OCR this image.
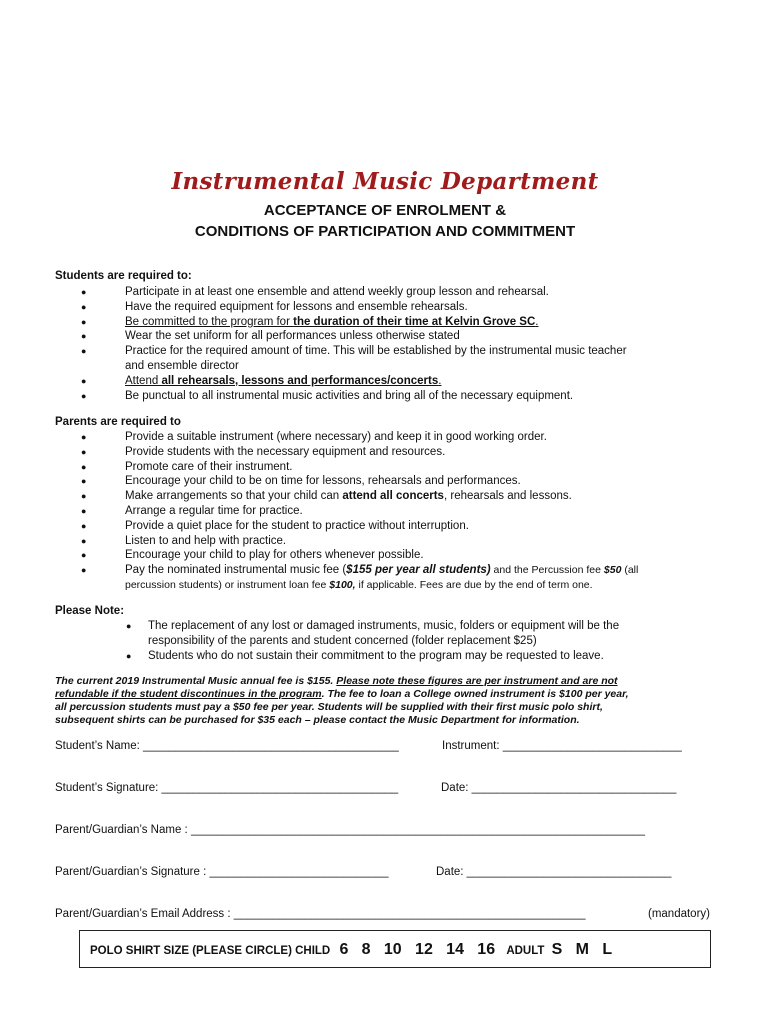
Instrumental Music Department
ACCEPTANCE OF ENROLMENT &
CONDITIONS OF PARTICIPATION AND COMMITMENT
Students are required to:
●	Participate in at least one ensemble and attend weekly group lesson and rehearsal.
●	Have the required equipment for lessons and ensemble rehearsals.
●	Be committed to the program for the duration of their time at Kelvin Grove SC.
●	Wear the set uniform for all performances unless otherwise stated
●	Practice for the required amount of time. This will be established by the instrumental music teacher
and ensemble director
●	Attend all rehearsals, lessons and performances/concerts.
●	Be punctual to all instrumental music activities and bring all of the necessary equipment.
Parents are required to
●	Provide a suitable instrument (where necessary) and keep it in good working order.
●	Provide students with the necessary equipment and resources.
●	Promote care of their instrument.
●	Encourage your child to be on time for lessons, rehearsals and performances.
●	Make arrangements so that your child can attend all concerts, rehearsals and lessons.
●	Arrange a regular time for practice.
●	Provide a quiet place for the student to practice without interruption.
●	Listen to and help with practice.
●	Encourage your child to play for others whenever possible.
●	Pay the nominated instrumental music fee ($155 per year all students) and the Percussion fee $50 (all
percussion students) or instrument loan fee $100, if applicable. Fees are due by the end of term one.
Please Note:
● The replacement of any lost or damaged instruments, music, folders or equipment will be the
responsibility of the parents and student concerned (folder replacement $25)
● Students who do not sustain their commitment to the program may be requested to leave.
The current 2019 Instrumental Music annual fee is $155. Please note these figures are per instrument and are not
refundable if the student discontinues in the program. The fee to loan a College owned instrument is $100 per year,
all percussion students must pay a $50 fee per year. Students will be supplied with their first music polo shirt,
subsequent shirts can be purchased for $35 each – please contact the Music Department for information.
Student’s Name: ________________________________________	Instrument: ____________________________
Student’s Signature: _____________________________________	Date: ________________________________
Parent/Guardian’s Name : _______________________________________________________________________
Parent/Guardian’s Signature : ____________________________	Date: ________________________________
Parent/Guardian’s Email Address : _______________________________________________________	(mandatory)
POLO SHIRT SIZE (PLEASE CIRCLE) CHILD 6   8   10   12   14   16 ADULT S   M   L
